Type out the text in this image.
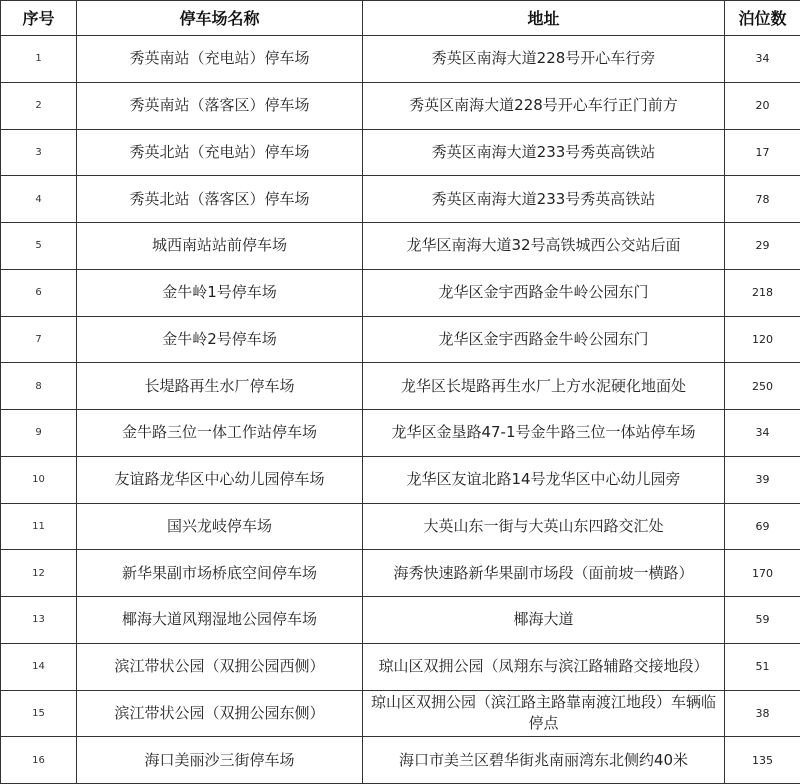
序号	停车场名称	地址	泊位数
1	秀英南站（充电站）停车场	秀英区南海大道228号开心车行旁	34
2	秀英南站（落客区）停车场	秀英区南海大道228号开心车行正门前方	20
3	秀英北站（充电站）停车场	秀英区南海大道233号秀英高铁站	17
4	秀英北站（落客区）停车场	秀英区南海大道233号秀英高铁站	78
5	城西南站站前停车场	龙华区南海大道32号高铁城西公交站后面	29
6	金牛岭1号停车场	龙华区金宇西路金牛岭公园东门	218
7	金牛岭2号停车场	龙华区金宇西路金牛岭公园东门	120
8	长堤路再生水厂停车场	龙华区长堤路再生水厂上方水泥硬化地面处	250
9	金牛路三位一体工作站停车场	龙华区金垦路47-1号金牛路三位一体站停车场	34
10	友谊路龙华区中心幼儿园停车场	龙华区友谊北路14号龙华区中心幼儿园旁	39
11	国兴龙岐停车场	大英山东一街与大英山东四路交汇处	69
12	新华果副市场桥底空间停车场	海秀快速路新华果副市场段（面前坡一横路）	170
13	椰海大道风翔湿地公园停车场	椰海大道	59
14	滨江带状公园（双拥公园西侧）	琼山区双拥公园（凤翔东与滨江路辅路交接地段）	51
15	滨江带状公园（双拥公园东侧）	琼山区双拥公园（滨江路主路靠南渡江地段）车辆临停点	38
16	海口美丽沙三街停车场	海口市美兰区碧华街兆南丽湾东北侧约40米	135
